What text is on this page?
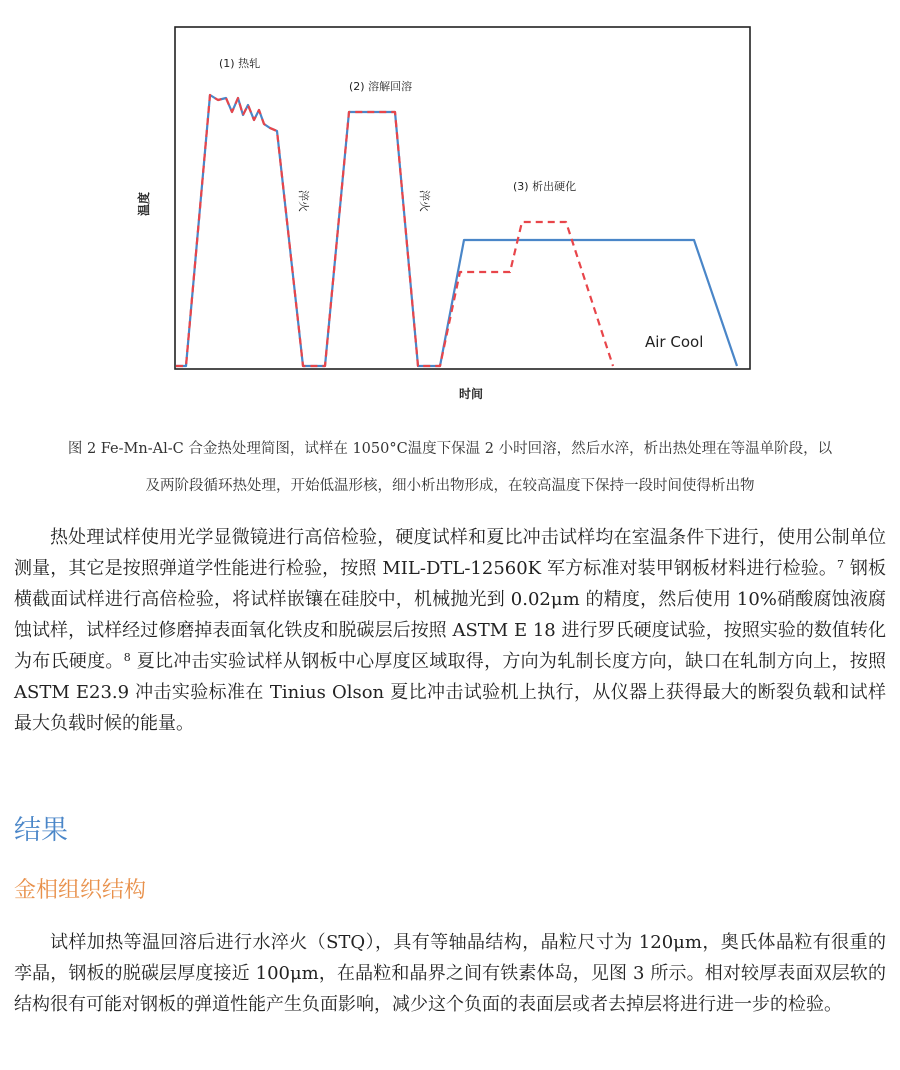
(1) 热轧
(2) 溶解回溶
(3) 析出硬化
淬火	淬火
温度
时间
Air Cool
图 2 Fe-Mn-Al-C 合金热处理简图，试样在 1050°C温度下保温 2 小时回溶，然后水淬，析出热处理在等温单阶段，以
及两阶段循环热处理，开始低温形核，细小析出物形成，在较高温度下保持一段时间使得析出物

热处理试样使用光学显微镜进行高倍检验，硬度试样和夏比冲击试样均在室温条件下进行，使用公制单位测量，其它是按照弹道学性能进行检验，按照 MIL-DTL-12560K 军方标准对装甲钢板材料进行检验。$^7$ 钢板横截面试样进行高倍检验，将试样嵌镶在硅胶中，机械抛光到 0.02μm 的精度，然后使用 10%硝酸腐蚀液腐蚀试样，试样经过修磨掉表面氧化铁皮和脱碳层后按照 ASTM E 18 进行罗氏硬度试验，按照实验的数值转化为布氏硬度。$^8$ 夏比冲击实验试样从钢板中心厚度区域取得，方向为轧制长度方向，缺口在轧制方向上，按照 ASTM E23.9 冲击实验标准在 Tinius Olson 夏比冲击试验机上执行，从仪器上获得最大的断裂负载和试样最大负载时候的能量。

结果
金相组织结构

试样加热等温回溶后进行水淬火（STQ），具有等轴晶结构，晶粒尺寸为 120μm，奥氏体晶粒有很重的孪晶，钢板的脱碳层厚度接近 100μm，在晶粒和晶界之间有铁素体岛，见图 3 所示。相对较厚表面双层软的结构很有可能对钢板的弹道性能产生负面影响，减少这个负面的表面层或者去掉层将进行进一步的检验。
